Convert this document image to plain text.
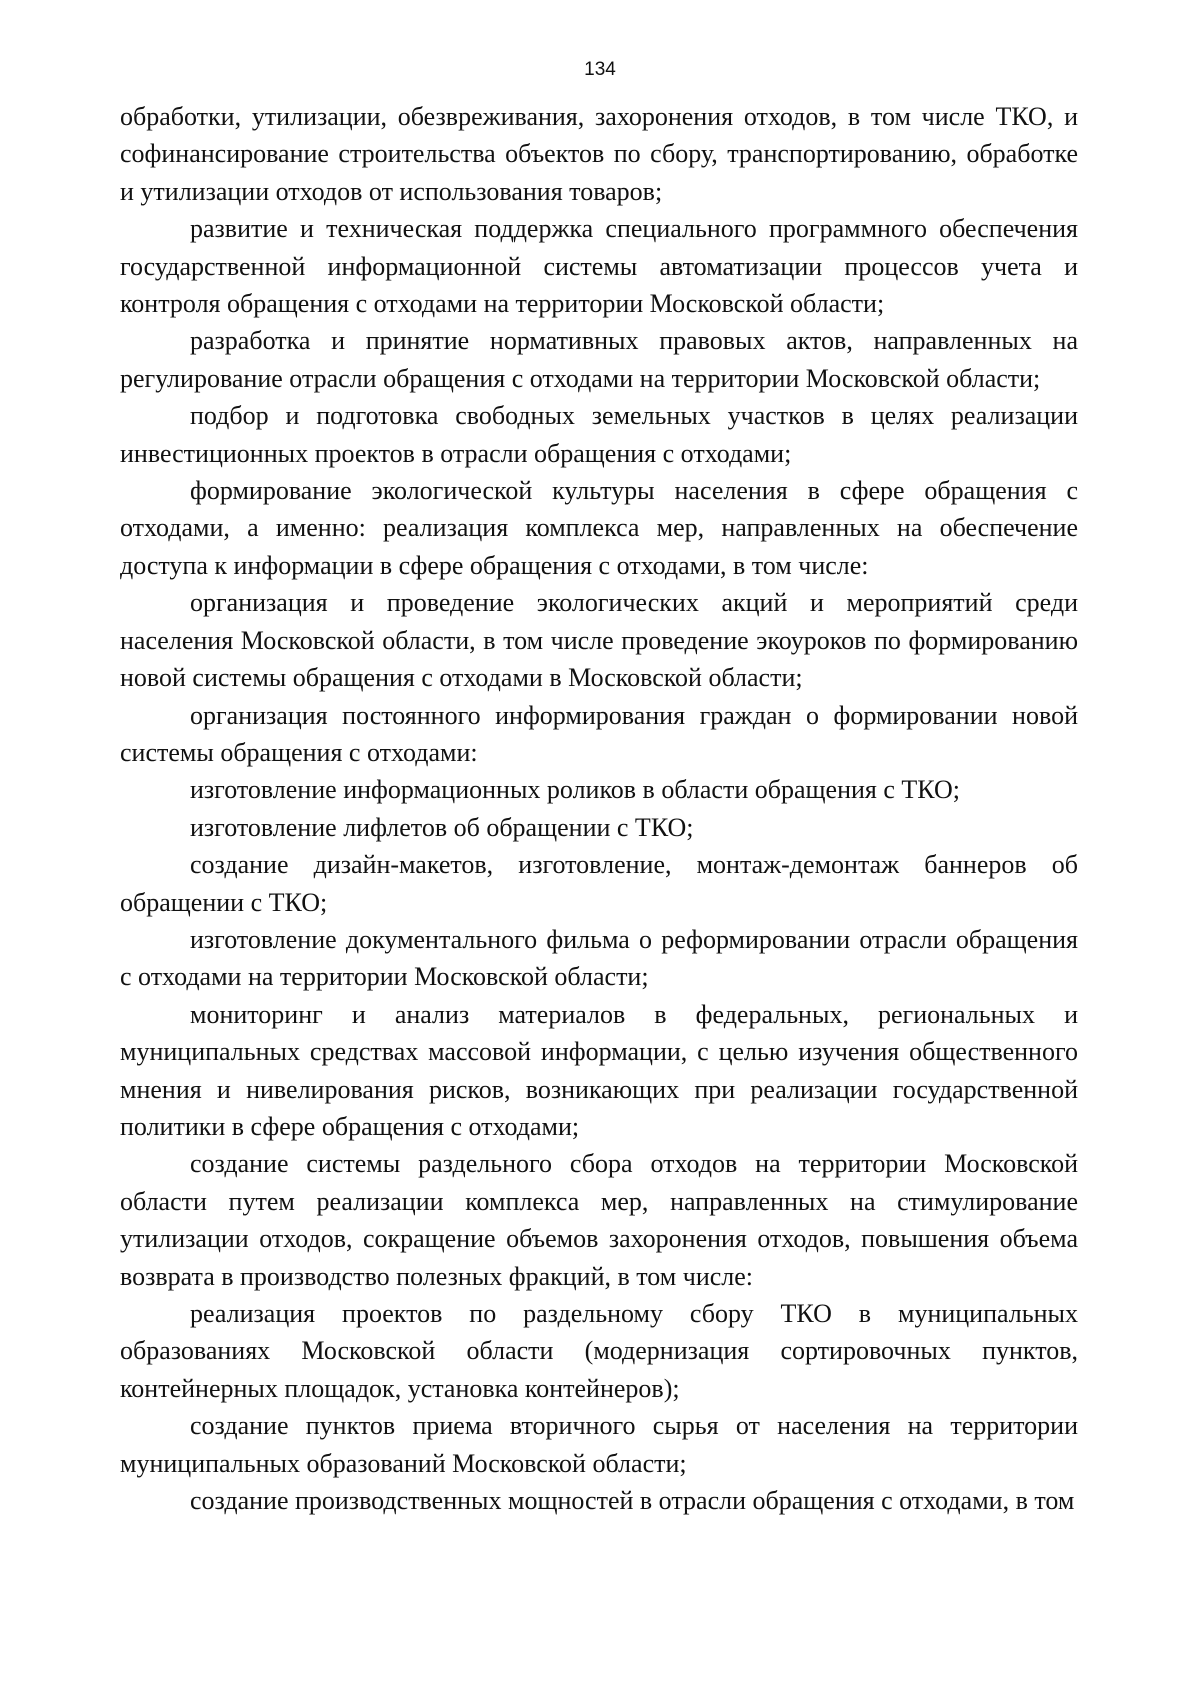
134

обработки, утилизации, обезвреживания, захоронения отходов, в том числе ТКО, и софинансирование строительства объектов по сбору, транспортированию, обработке и утилизации отходов от использования товаров;

развитие и техническая поддержка специального программного обеспечения государственной информационной системы автоматизации процессов учета и контроля обращения с отходами на территории Московской области;

разработка и принятие нормативных правовых актов, направленных на регулирование отрасли обращения с отходами на территории Московской области;

подбор и подготовка свободных земельных участков в целях реализации инвестиционных проектов в отрасли обращения с отходами;

формирование экологической культуры населения в сфере обращения с отходами, а именно: реализация комплекса мер, направленных на обеспечение доступа к информации в сфере обращения с отходами, в том числе:

организация и проведение экологических акций и мероприятий среди населения Московской области, в том числе проведение экоуроков по формированию новой системы обращения с отходами в Московской области;

организация постоянного информирования граждан о формировании новой системы обращения с отходами:

изготовление информационных роликов в области обращения с ТКО;

изготовление лифлетов об обращении с ТКО;

создание дизайн-макетов, изготовление, монтаж-демонтаж баннеров об обращении с ТКО;

изготовление документального фильма о реформировании отрасли обращения с отходами на территории Московской области;

мониторинг и анализ материалов в федеральных, региональных и муниципальных средствах массовой информации, с целью изучения общественного мнения и нивелирования рисков, возникающих при реализации государственной политики в сфере обращения с отходами;

создание системы раздельного сбора отходов на территории Московской области путем реализации комплекса мер, направленных на стимулирование утилизации отходов, сокращение объемов захоронения отходов, повышения объема возврата в производство полезных фракций, в том числе:

реализация проектов по раздельному сбору ТКО в муниципальных образованиях Московской области (модернизация сортировочных пунктов, контейнерных площадок, установка контейнеров);

создание пунктов приема вторичного сырья от населения на территории муниципальных образований Московской области;

создание производственных мощностей в отрасли обращения с отходами, в том
